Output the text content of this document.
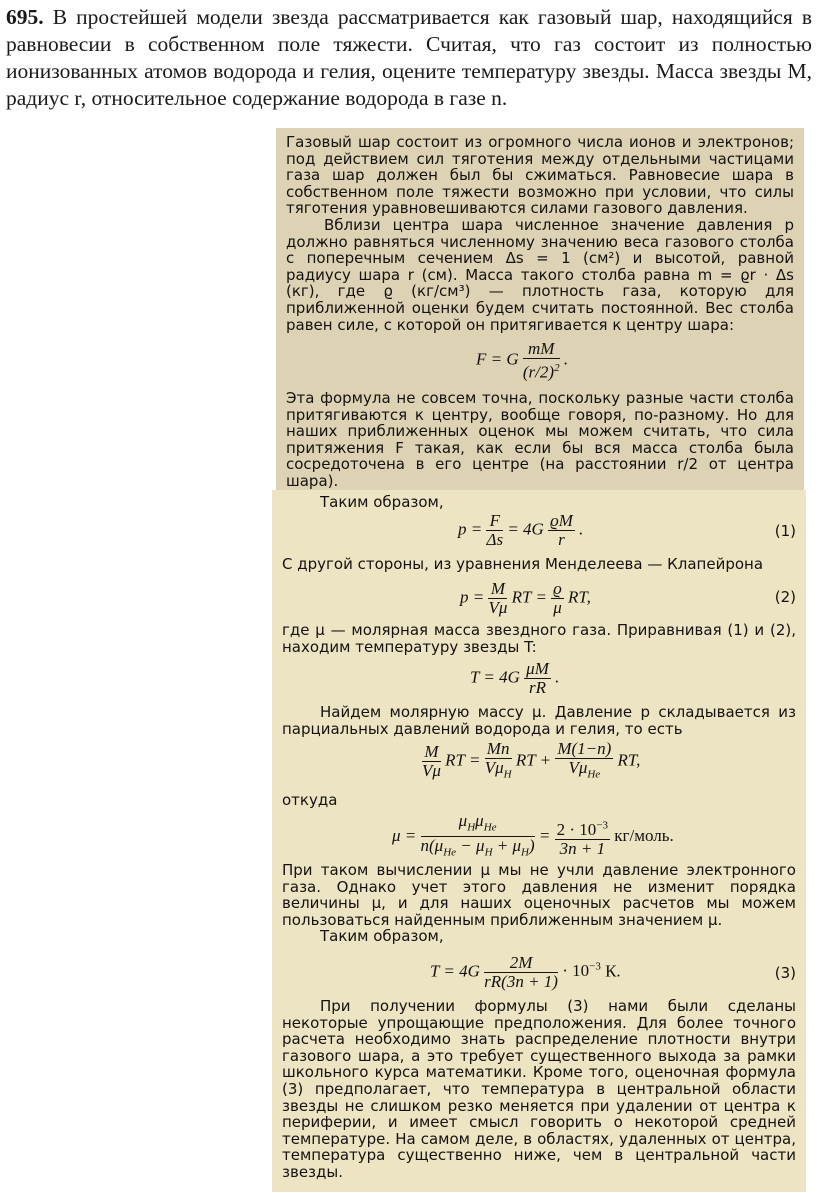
695. В простейшей модели звезда рассматривается как газовый шар, находящийся в равновесии в собственном поле тяжести. Считая, что газ состоит из полностью ионизованных атомов водорода и гелия, оцените температуру звезды. Масса звезды M, радиус r, относительное содержание водорода в газе n.

Газовый шар состоит из огромного числа ионов и электронов; под действием сил тяготения между отдельными частицами газа шар должен был бы сжиматься. Равновесие шара в собственном поле тяжести возможно при условии, что силы тяготения уравновешиваются силами газового давления.

Вблизи центра шара численное значение давления p должно равняться численному значению веса газового столба с поперечным сечением Δs = 1 (см²) и высотой, равной радиусу шара r (см). Масса такого столба равна m = ϱr · Δs (кг), где ϱ (кг/см³) — плотность газа, которую для приближенной оценки будем считать постоянной. Вес столба равен силе, с которой он притягивается к центру шара:

F = G $\frac{mM}{(r/2)^2}$ .

Эта формула не совсем точна, поскольку разные части столба притягиваются к центру, вообще говоря, по-разному. Но для наших приближенных оценок мы можем считать, что сила притяжения F такая, как если бы вся масса столба была сосредоточена в его центре (на расстоянии r/2 от центра шара).

Таким образом,

$p = \frac{F}{\Delta s} = 4G \frac{ϱM}{r}$ .	(1)

С другой стороны, из уравнения Менделеева — Клапейрона

$p = \frac{M}{V\mu}$ RT = $\frac{ϱ}{\mu}$ RT,	(2)

где μ — молярная масса звездного газа. Приравнивая (1) и (2), находим температуру звезды T:

$T = 4G \frac{\mu M}{rR}$ .

Найдем молярную массу μ. Давление p складывается из парциальных давлений водорода и гелия, то есть

$\frac{M}{V\mu}$ RT =
Mn
$V\mu_H$
RT +
M(1−n)
$V\mu_{He}$
RT,

откуда

μ =
$\mu_H\mu_{He}$
$n(\mu_{He} - \mu_H + \mu_H)$
= $\frac{2 \cdot 10^{-3}}{3n + 1}$ кг/моль.

При таком вычислении μ мы не учли давление электронного газа. Однако учет этого давления не изменит порядка величины μ, и для наших оценочных расчетов мы можем пользоваться найденным приближенным значением μ.

Таким образом,

$T = 4G \frac{2M}{rR(3n + 1)} \cdot 10^{-3}$ К.	(3)

При получении формулы (3) нами были сделаны некоторые упрощающие предположения. Для более точного расчета необходимо знать распределение плотности внутри газового шара, а это требует существенного выхода за рамки школьного курса математики. Кроме того, оценочная формула (3) предполагает, что температура в центральной области звезды не слишком резко меняется при удалении от центра к периферии, и имеет смысл говорить о некоторой средней температуре. На самом деле, в областях, удаленных от центра, температура существенно ниже, чем в центральной части звезды.
